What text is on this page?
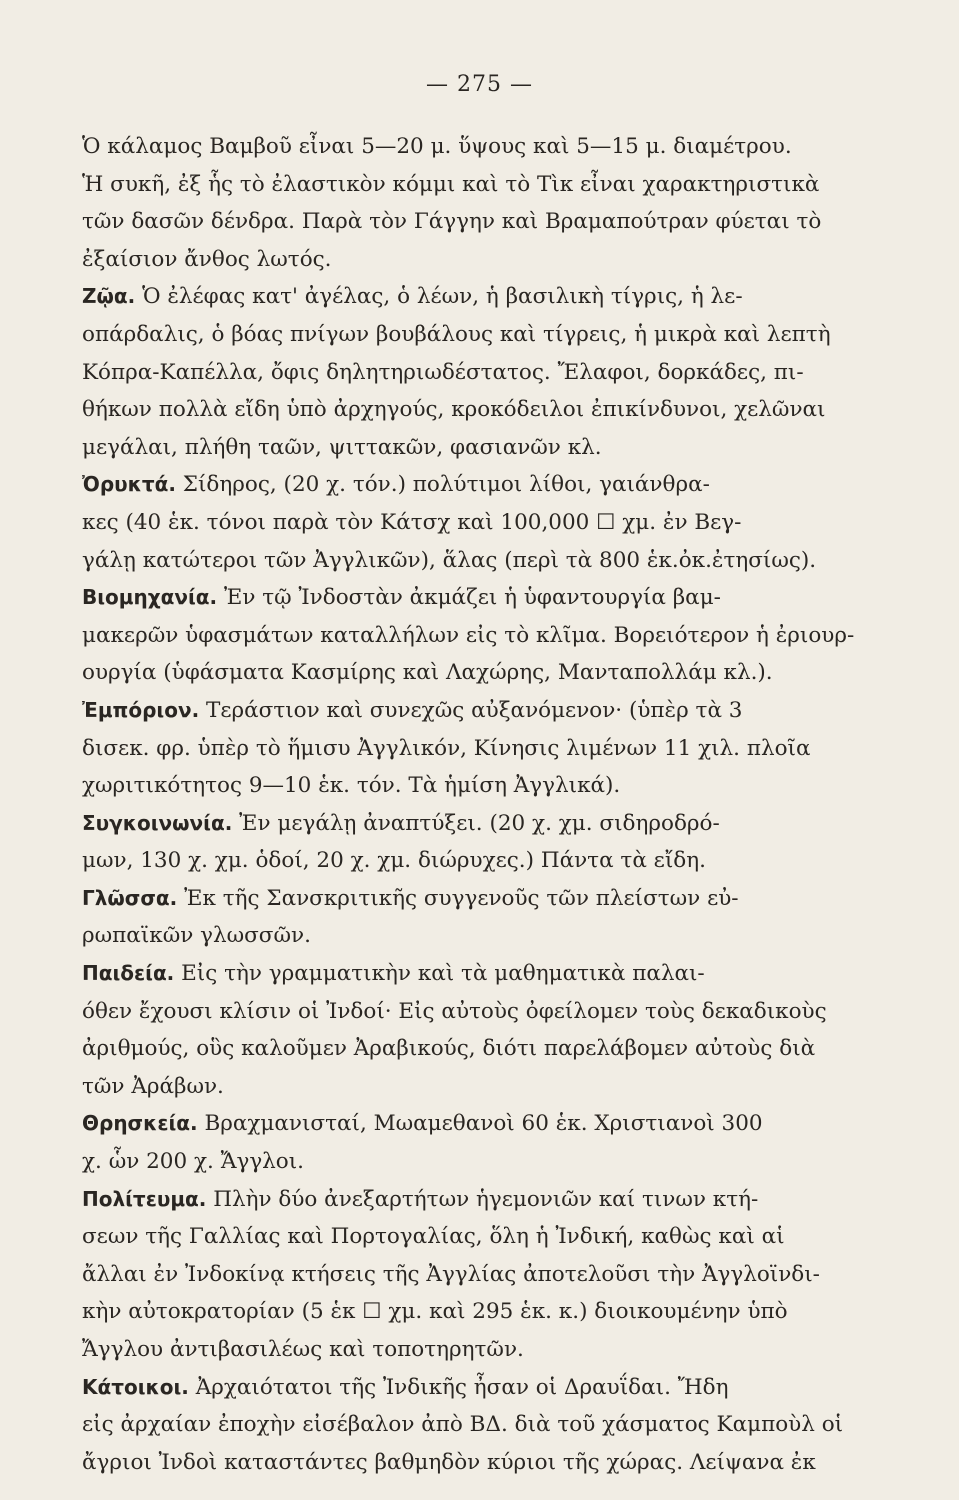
— 275 —
Ὁ κάλαμος Βαμβοῦ εἶναι 5—20 μ. ὕψους καὶ 5—15 μ. διαμέτρου.
Ἡ συκῆ, ἐξ ἧς τὸ ἐλαστικὸν κόμμι καὶ τὸ Τὶκ εἶναι χαρακτηριστικὰ
τῶν δασῶν δένδρα. Παρὰ τὸν Γάγγην καὶ Βραμαπούτραν φύεται τὸ
ἐξαίσιον ἄνθος λωτός.
Ζῷα. Ὁ ἐλέφας κατ' ἀγέλας, ὁ λέων, ἡ βασιλικὴ τίγρις, ἡ λε-
οπάρδαλις, ὁ βόας πνίγων βουβάλους καὶ τίγρεις, ἡ μικρὰ καὶ λεπτὴ
Κόπρα-Καπέλλα, ὄφις δηλητηριωδέστατος. Ἔλαφοι, δορκάδες, πι-
θήκων πολλὰ εἴδη ὑπὸ ἀρχηγούς, κροκόδειλοι ἐπικίνδυνοι, χελῶναι
μεγάλαι, πλήθη ταῶν, ψιττακῶν, φασιανῶν κλ.
Ὀρυκτά. Σίδηρος, (20 χ. τόν.) πολύτιμοι λίθοι, γαιάνθρα-
κες (40 ἑκ. τόνοι παρὰ τὸν Κάτσχ καὶ 100,000 ☐ χμ. ἐν Βεγ-
γάλῃ κατώτεροι τῶν Ἀγγλικῶν), ἅλας (περὶ τὰ 800 ἑκ.ὀκ.ἐτησίως).
Βιομηχανία. Ἐν τῷ Ἰνδοστὰν ἀκμάζει ἡ ὑφαντουργία βαμ-
μακερῶν ὑφασμάτων καταλλήλων εἰς τὸ κλῖμα. Βορειότερον ἡ ἐριουρ-
ουργία (ὑφάσματα Κασμίρης καὶ Λαχώρης, Μανταπολλάμ κλ.).
Ἐμπόριον. Τεράστιον καὶ συνεχῶς αὐξανόμενον· (ὑπὲρ τὰ 3
δισεκ. φρ. ὑπὲρ τὸ ἥμισυ Ἀγγλικόν, Κίνησις λιμένων 11 χιλ. πλοῖα
χωριτικότητος 9—10 ἑκ. τόν. Τὰ ἡμίση Ἀγγλικά).
Συγκοινωνία. Ἐν μεγάλῃ ἀναπτύξει. (20 χ. χμ. σιδηροδρό-
μων, 130 χ. χμ. ὁδοί, 20 χ. χμ. διώρυχες.) Πάντα τὰ εἴδη.
Γλῶσσα. Ἐκ τῆς Σανσκριτικῆς συγγενοῦς τῶν πλείστων εὐ-
ρωπαϊκῶν γλωσσῶν.
Παιδεία. Εἰς τὴν γραμματικὴν καὶ τὰ μαθηματικὰ παλαι-
όθεν ἔχουσι κλίσιν οἱ Ἰνδοί· Εἰς αὐτοὺς ὀφείλομεν τοὺς δεκαδικοὺς
ἀριθμούς, οὓς καλοῦμεν Ἀραβικούς, διότι παρελάβομεν αὐτοὺς διὰ
τῶν Ἀράβων.
Θρησκεία. Βραχμανισταί, Μωαμεθανοὶ 60 ἑκ. Χριστιανοὶ 300
χ. ὧν 200 χ. Ἄγγλοι.
Πολίτευμα. Πλὴν δύο ἀνεξαρτήτων ἡγεμονιῶν καί τινων κτή-
σεων τῆς Γαλλίας καὶ Πορτογαλίας, ὅλη ἡ Ἰνδική, καθὼς καὶ αἱ
ἄλλαι ἐν Ἰνδοκίνᾳ κτήσεις τῆς Ἀγγλίας ἀποτελοῦσι τὴν Ἀγγλοϊνδι-
κὴν αὐτοκρατορίαν (5 ἑκ ☐ χμ. καὶ 295 ἑκ. κ.) διοικουμένην ὑπὸ
Ἄγγλου ἀντιβασιλέως καὶ τοποτηρητῶν.
Κάτοικοι. Ἀρχαιότατοι τῆς Ἰνδικῆς ἦσαν οἱ Δραυΐδαι. Ἤδη
εἰς ἀρχαίαν ἐποχὴν εἰσέβαλον ἀπὸ ΒΔ. διὰ τοῦ χάσματος Καμποὺλ οἱ
ἄγριοι Ἰνδοὶ καταστάντες βαθμηδὸν κύριοι τῆς χώρας. Λείψανα ἐκ
